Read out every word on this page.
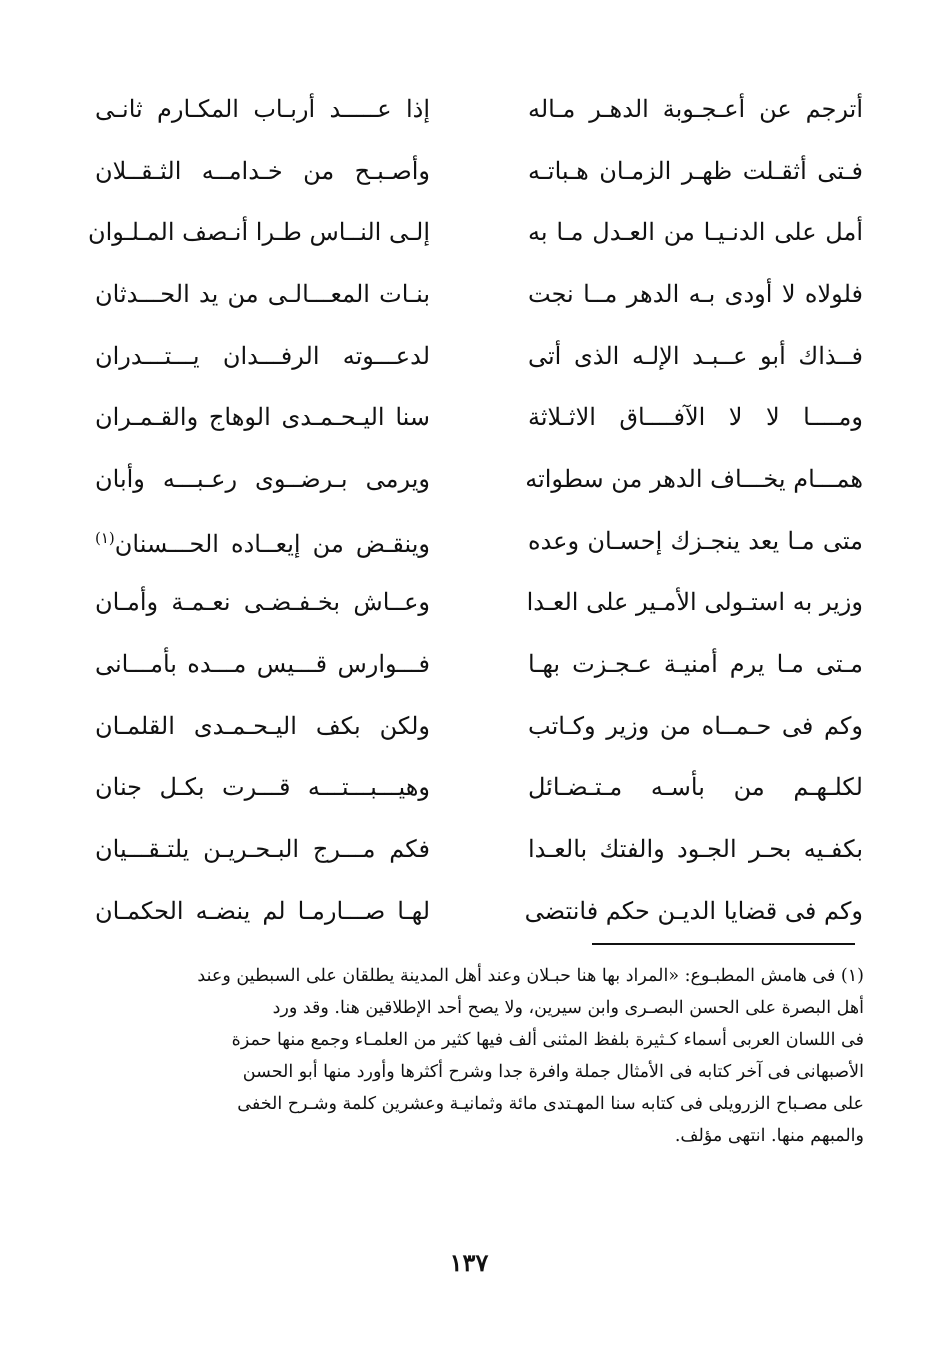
أترجم عن أعـجـوبة الدهـر مـاله
إذا عـــــد أربـاب المكـارم ثانـى
فـتى أثقـلت ظهـر الزمـان هـباتـه
وأصـبـح من خـدامــه الثـقــلان
أمل على الدنـيـا من العـدل مـا به
إلـى النــاس طـرا أنـصف المـلـوان
فلولاه لا أودى بـه الدهر مــا نجت
بنـات المعـــالـى من يد الحـــدثان
فــذاك أبو عــبـد الإلـه الذى أتى
لدعـــوته الرفـــدان يـــتـــدران
ومــــا لا لا الآفــــاق الاثـلاثة
سنا اليـحـمـدى الوهاج والقـمـران
همـــام يخـــاف الدهر من سطواته
ويرمى بـرضــوى رعـبـــه وأبان
متى مـا يعد ينجـزك إحسـان وعده
وينقـض من إيعــاده الحـــسنان$^{(١)}$
وزير به استـولى الأمـير على العـدا
وعــاش بخـفـضـى نعـمـة وأمـان
مـتى مـا يرم أمنيـة عـجـزت بهـا
فـــوارس قـــيس مـــده بأمـــانى
وكم فى حـمــاه من وزير وكـاتب
ولكن بكف اليـحـمـدى القلمـان
لكلـهـم من بأسـه مـتـضـائل
وهيـــبـــتـــه قـــرت بكـل جنان
بكفـيه بحـر الجـود والفتك بالعـدا
فكم مـــرج البـحـريـن يلتـقـــيان
وكم فى قضايا الديـن حكم فانتضى
لهـا صـــارمـا لم ينضـه الحكمـان

(١) فى هامش المطبـوع: «المراد بها هنا حبـلان وعند أهل المدينة يطلقان على السبطين وعند

أهل البصرة على الحسن البصـرى وابن سيرين، ولا يصح أحد الإطلاقين هنا. وقد ورد

فى اللسان العربى أسماء كـثيرة بلفظ المثنى ألف فيها كثير من العلمـاء وجمع منها حمزة

الأصبهانى فى آخر كتابه فى الأمثال جملة وافرة جدا وشرح أكثرها وأورد منها أبو الحسن

على مصـباح الزرويلى فى كتابه سنا المهـتدى مائة وثمانيـة وعشرين كلمة وشـرح الخفى

والمبهم منها. انتهى مؤلف.

١٣٧
